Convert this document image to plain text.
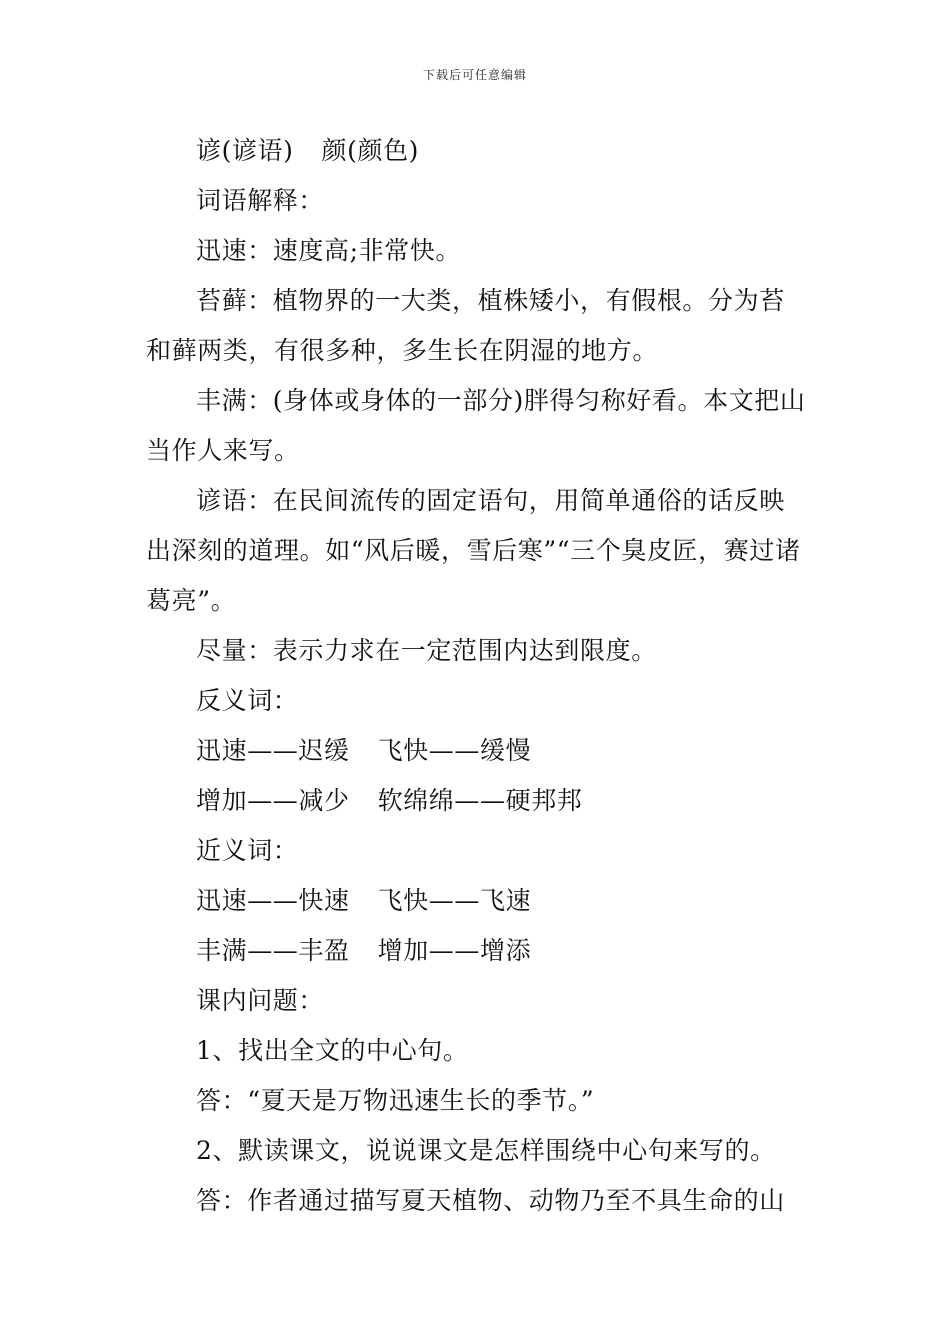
下载后可任意编辑

谚(谚语) 颜(颜色)

词语解释：

迅速：速度高;非常快。

苔藓：植物界的一大类，植株矮小，有假根。分为苔和藓两类，有很多种，多生长在阴湿的地方。

丰满：(身体或身体的一部分)胖得匀称好看。本文把山当作人来写。

谚语：在民间流传的固定语句，用简单通俗的话反映出深刻的道理。如“风后暖，雪后寒”“三个臭皮匠，赛过诸葛亮”。

尽量：表示力求在一定范围内达到限度。

反义词：

迅速——迟缓 飞快——缓慢

增加——减少 软绵绵——硬邦邦

近义词：

迅速——快速 飞快——飞速

丰满——丰盈 增加——增添

课内问题：

1、找出全文的中心句。

答：“夏天是万物迅速生长的季节。”

2、默读课文，说说课文是怎样围绕中心句来写的。

答：作者通过描写夏天植物、动物乃至不具生命的山
